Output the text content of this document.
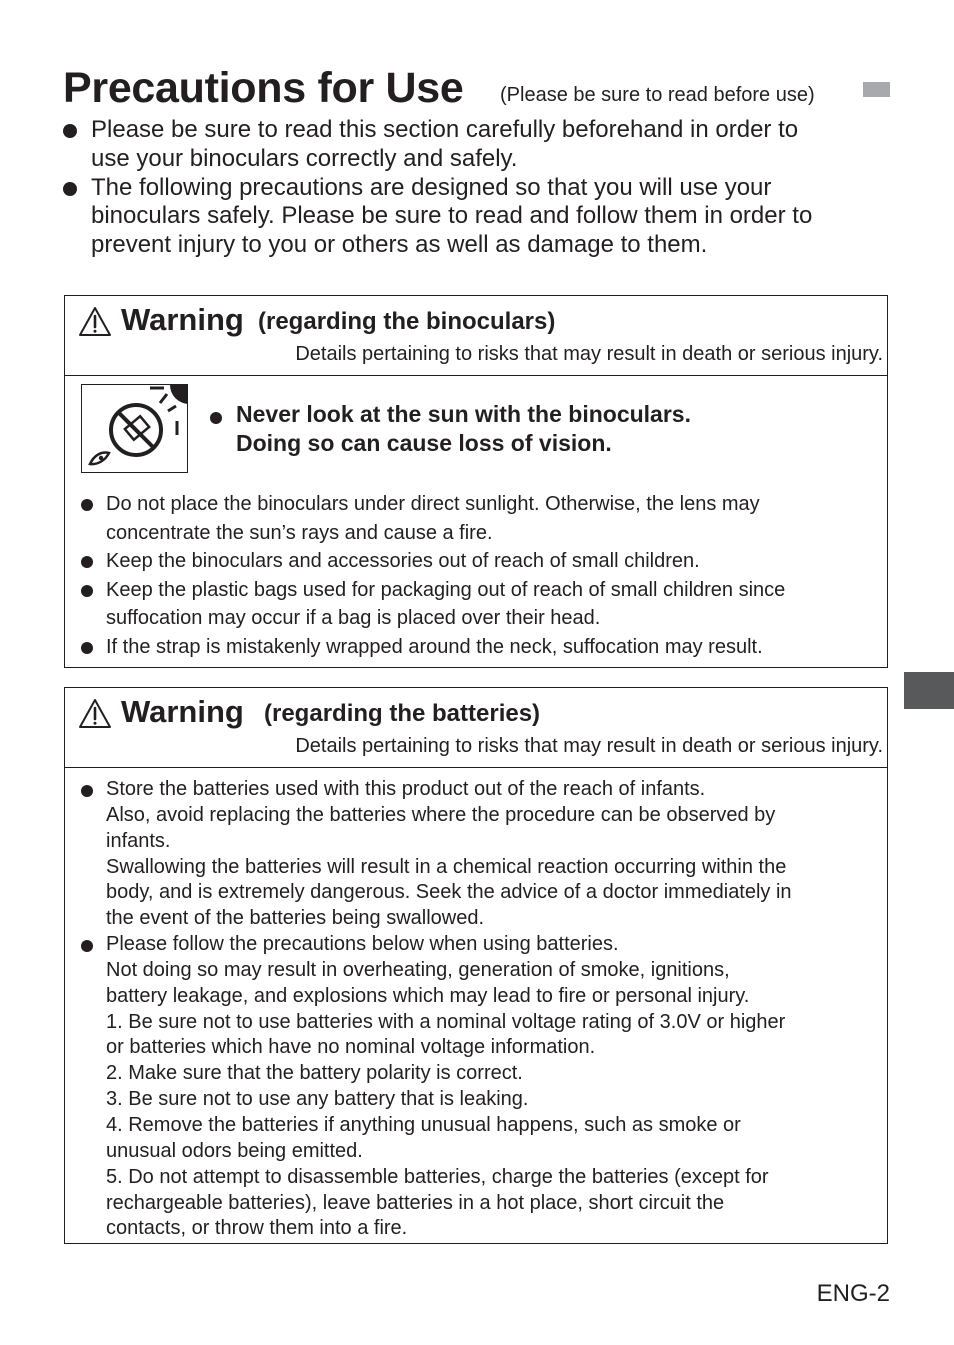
Precautions for Use (Please be sure to read before use)
Please be sure to read this section carefully beforehand in order to
use your binoculars correctly and safely.
The following precautions are designed so that you will use your
binoculars safely. Please be sure to read and follow them in order to
prevent injury to you or others as well as damage to them.
Warning (regarding the binoculars)
Details pertaining to risks that may result in death or serious injury.
Never look at the sun with the binoculars.
Doing so can cause loss of vision.
Do not place the binoculars under direct sunlight. Otherwise, the lens may
concentrate the sun’s rays and cause a fire.
Keep the binoculars and accessories out of reach of small children.
Keep the plastic bags used for packaging out of reach of small children since
suffocation may occur if a bag is placed over their head.
If the strap is mistakenly wrapped around the neck, suffocation may result.
Warning (regarding the batteries)
Details pertaining to risks that may result in death or serious injury.
Store the batteries used with this product out of the reach of infants.
Also, avoid replacing the batteries where the procedure can be observed by
infants.
Swallowing the batteries will result in a chemical reaction occurring within the
body, and is extremely dangerous. Seek the advice of a doctor immediately in
the event of the batteries being swallowed.
Please follow the precautions below when using batteries.
Not doing so may result in overheating, generation of smoke, ignitions,
battery leakage, and explosions which may lead to fire or personal injury.
1. Be sure not to use batteries with a nominal voltage rating of 3.0V or higher
or batteries which have no nominal voltage information.
2. Make sure that the battery polarity is correct.
3. Be sure not to use any battery that is leaking.
4. Remove the batteries if anything unusual happens, such as smoke or
unusual odors being emitted.
5. Do not attempt to disassemble batteries, charge the batteries (except for
rechargeable batteries), leave batteries in a hot place, short circuit the
contacts, or throw them into a fire.
ENG-2
